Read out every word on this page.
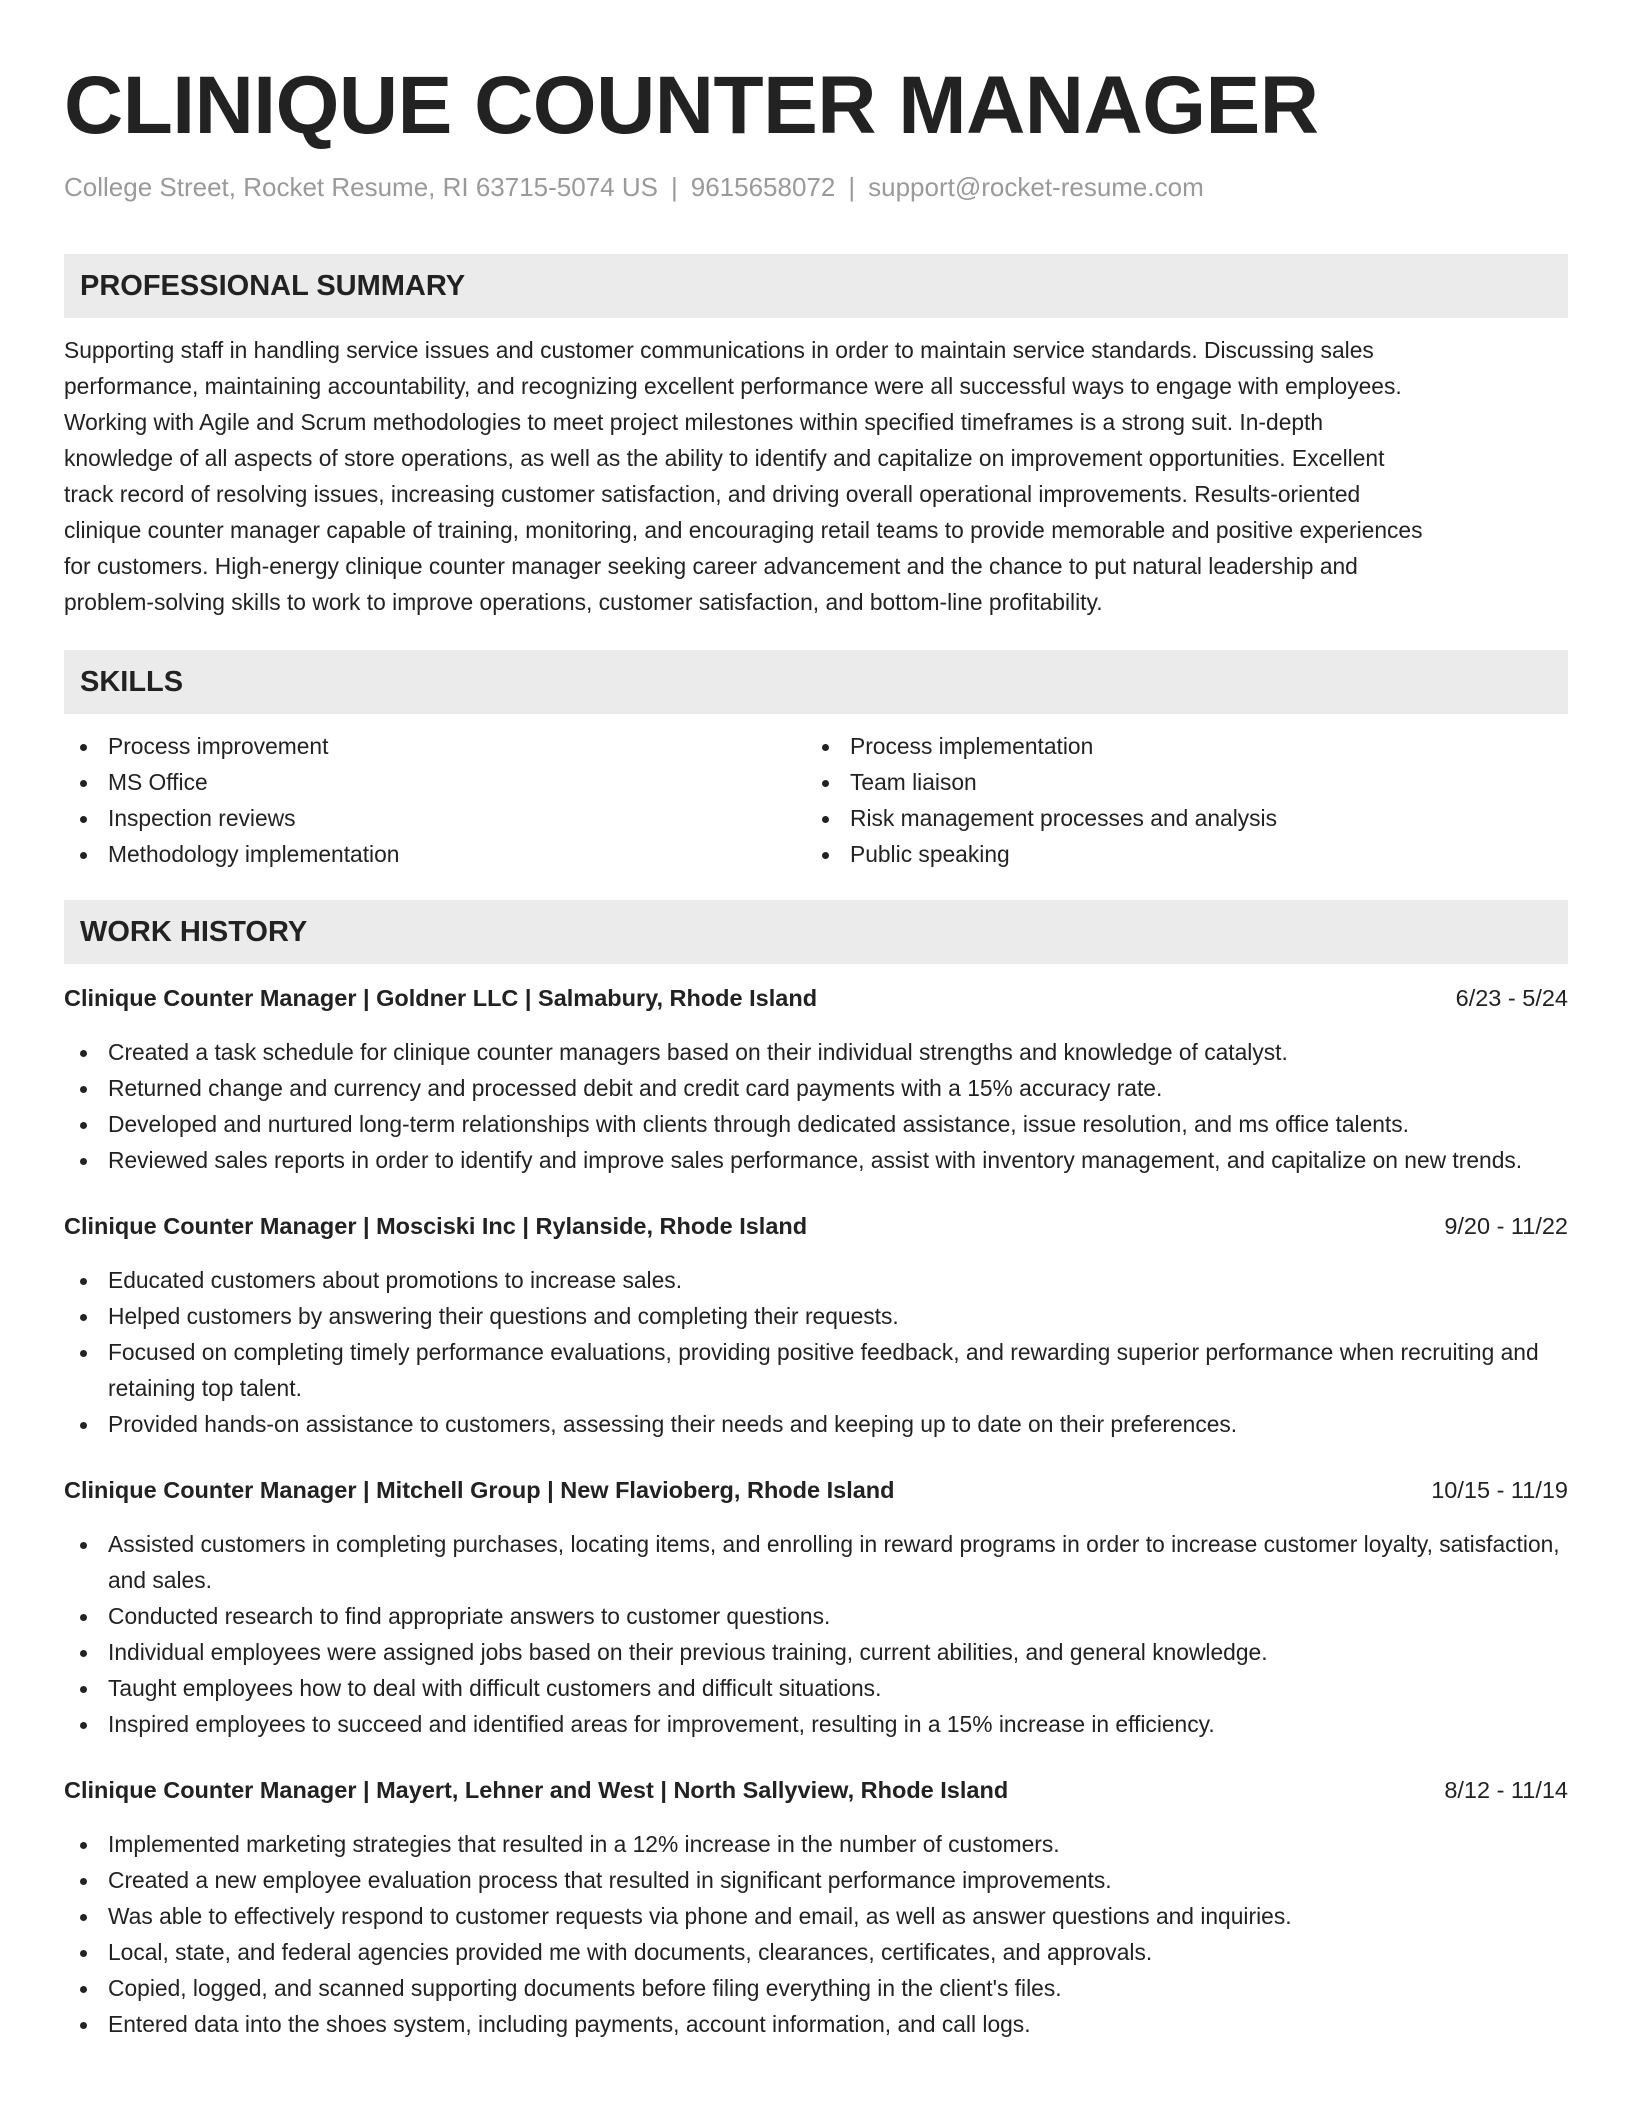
CLINIQUE COUNTER MANAGER
College Street, Rocket Resume, RI 63715-5074 US | 9615658072 | support@rocket-resume.com
PROFESSIONAL SUMMARY
Supporting staff in handling service issues and customer communications in order to maintain service standards. Discussing sales
performance, maintaining accountability, and recognizing excellent performance were all successful ways to engage with employees.
Working with Agile and Scrum methodologies to meet project milestones within specified timeframes is a strong suit. In-depth
knowledge of all aspects of store operations, as well as the ability to identify and capitalize on improvement opportunities. Excellent
track record of resolving issues, increasing customer satisfaction, and driving overall operational improvements. Results-oriented
clinique counter manager capable of training, monitoring, and encouraging retail teams to provide memorable and positive experiences
for customers. High-energy clinique counter manager seeking career advancement and the chance to put natural leadership and
problem-solving skills to work to improve operations, customer satisfaction, and bottom-line profitability.
SKILLS
Process improvement
MS Office
Inspection reviews
Methodology implementation
Process implementation
Team liaison
Risk management processes and analysis
Public speaking
WORK HISTORY
Clinique Counter Manager | Goldner LLC | Salmabury, Rhode Island	6/23 - 5/24
Created a task schedule for clinique counter managers based on their individual strengths and knowledge of catalyst.
Returned change and currency and processed debit and credit card payments with a 15% accuracy rate.
Developed and nurtured long-term relationships with clients through dedicated assistance, issue resolution, and ms office talents.
Reviewed sales reports in order to identify and improve sales performance, assist with inventory management, and capitalize on new trends.
Clinique Counter Manager | Mosciski Inc | Rylanside, Rhode Island	9/20 - 11/22
Educated customers about promotions to increase sales.
Helped customers by answering their questions and completing their requests.
Focused on completing timely performance evaluations, providing positive feedback, and rewarding superior performance when recruiting and retaining top talent.
Provided hands-on assistance to customers, assessing their needs and keeping up to date on their preferences.
Clinique Counter Manager | Mitchell Group | New Flavioberg, Rhode Island	10/15 - 11/19
Assisted customers in completing purchases, locating items, and enrolling in reward programs in order to increase customer loyalty, satisfaction, and sales.
Conducted research to find appropriate answers to customer questions.
Individual employees were assigned jobs based on their previous training, current abilities, and general knowledge.
Taught employees how to deal with difficult customers and difficult situations.
Inspired employees to succeed and identified areas for improvement, resulting in a 15% increase in efficiency.
Clinique Counter Manager | Mayert, Lehner and West | North Sallyview, Rhode Island	8/12 - 11/14
Implemented marketing strategies that resulted in a 12% increase in the number of customers.
Created a new employee evaluation process that resulted in significant performance improvements.
Was able to effectively respond to customer requests via phone and email, as well as answer questions and inquiries.
Local, state, and federal agencies provided me with documents, clearances, certificates, and approvals.
Copied, logged, and scanned supporting documents before filing everything in the client's files.
Entered data into the shoes system, including payments, account information, and call logs.
